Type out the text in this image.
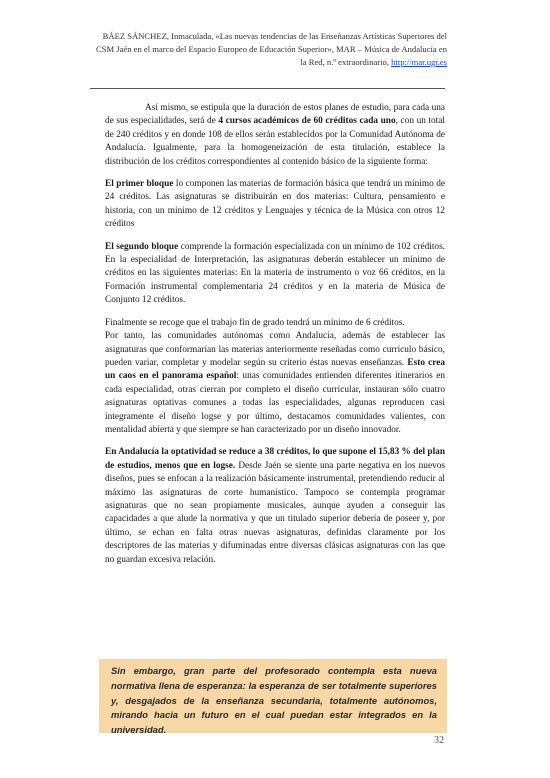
BÁEZ SÁNCHEZ, Inmaculada, «Las nuevas tendencias de las Enseñanzas Artísticas Superiores del
CSM Jaén en el marco del Espacio Europeo de Educación Superior», MAR – Música de Andalucía en
la Red, n.º extraordinario, http://mar.ugr.es

Así mismo, se estipula que la duración de estos planes de estudio, para cada una de sus especialidades, será de 4 cursos académicos de 60 créditos cada uno, con un total de 240 créditos y en donde 108 de ellos serán establecidos por la Comunidad Autónoma de Andalucía. Igualmente, para la homogeneización de esta titulación, establece la distribución de los créditos correspondientes al contenido básico de la siguiente forma:

El primer bloque lo componen las materias de formación básica que tendrá un mínimo de 24 créditos. Las asignaturas se distribuirán en dos materias: Cultura, pensamiento e historia, con un mínimo de 12 créditos y Lenguajes y técnica de la Música con otros 12 créditos

El segundo bloque comprende la formación especializada con un mínimo de 102 créditos. En la especialidad de Interpretación, las asignaturas deberán establecer un mínimo de créditos en las siguientes materias: En la materia de instrumento o voz 66 créditos, en la Formación instrumental complementaria 24 créditos y en la materia de Música de Conjunto 12 créditos.

Finalmente se recoge que el trabajo fin de grado tendrá un mínimo de 6 créditos.

Por tanto, las comunidades autónomas como Andalucía, además de establecer las asignaturas que conformarían las materias anteriormente reseñadas como currículo básico, pueden variar, completar y modelar según su criterio éstas nuevas enseñanzas. Esto crea un caos en el panorama español: unas comunidades entienden diferentes itinerarios en cada especialidad, otras cierran por completo el diseño curricular, instauran sólo cuatro asignaturas optativas comunes a todas las especialidades, algunas reproducen casi íntegramente el diseño logse y por último, destacamos comunidades valientes, con mentalidad abierta y que siempre se han caracterizado por un diseño innovador.

En Andalucía la optatividad se reduce a 38 créditos, lo que supone el 15,83 % del plan de estudios, menos que en logse. Desde Jaén se siente una parte negativa en los nuevos diseños, pues se enfocan a la realización básicamente instrumental, pretendiendo reducir al máximo las asignaturas de corte humanístico. Tampoco se contempla programar asignaturas que no sean propiamente musicales, aunque ayuden a conseguir las capacidades a que alude la normativa y que un titulado superior debería de poseer y, por último, se echan en falta otras nuevas asignaturas, definidas claramente por los descriptores de las materias y difuminadas entre diversas clásicas asignaturas con las que no guardan excesiva relación.

Sin embargo, gran parte del profesorado contempla esta nueva normativa llena de esperanza: la esperanza de ser totalmente superiores y, desgajados de la enseñanza secundaria, totalmente autónomos, mirando hacia un futuro en el cual puedan estar integrados en la universidad.
32
